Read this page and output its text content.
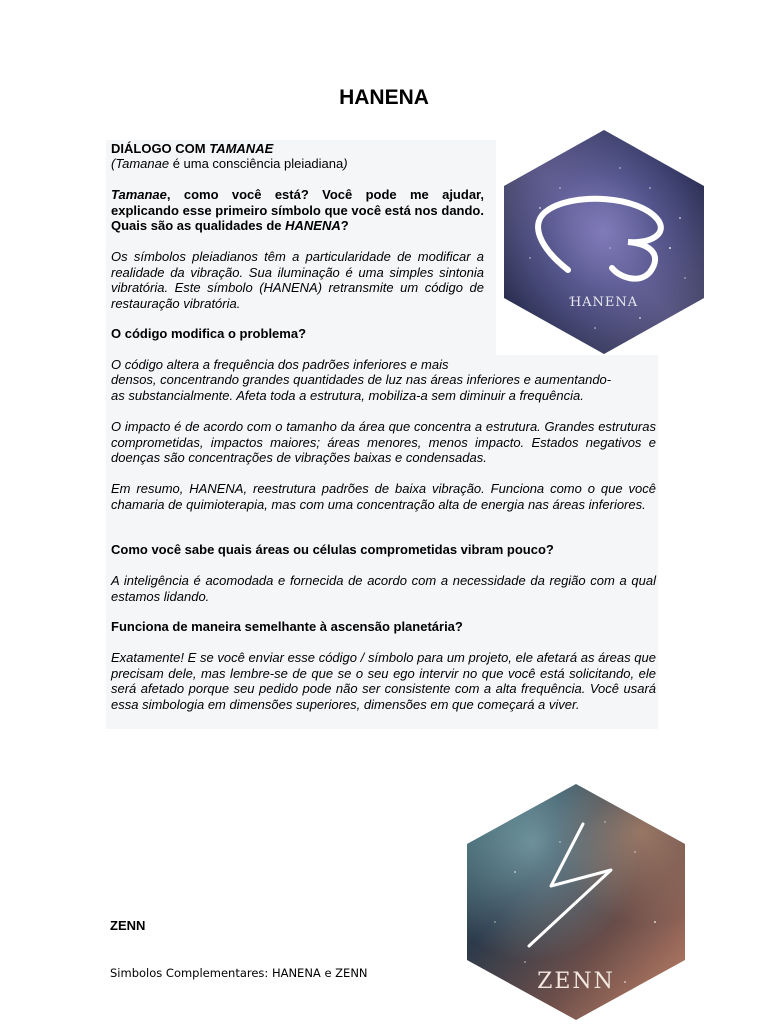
HANENA

DIÁLOGO COM TAMANAE

(Tamanae é uma consciência pleiadiana)

Tamanae, como você está? Você pode me ajudar, explicando esse primeiro símbolo que você está nos dando. Quais são as qualidades de HANENA?

Os símbolos pleiadianos têm a particularidade de modificar a realidade da vibração. Sua iluminação é uma simples sintonia vibratória. Este símbolo (HANENA) retransmite um código de restauração vibratória.

O código modifica o problema?

O código altera a frequência dos padrões inferiores e mais

densos, concentrando grandes quantidades de luz nas áreas inferiores e aumentando-

as substancialmente. Afeta toda a estrutura, mobiliza-a sem diminuir a frequência.

O impacto é de acordo com o tamanho da área que concentra a estrutura. Grandes estruturas comprometidas, impactos maiores; áreas menores, menos impacto. Estados negativos e doenças são concentrações de vibrações baixas e condensadas.

Em resumo, HANENA, reestrutura padrões de baixa vibração. Funciona como o que você chamaria de quimioterapia, mas com uma concentração alta de energia nas áreas inferiores.

Como você sabe quais áreas ou células comprometidas vibram pouco?

A inteligência é acomodada e fornecida de acordo com a necessidade da região com a qual estamos lidando.

Funciona de maneira semelhante à ascensão planetária?

Exatamente! E se você enviar esse código / símbolo para um projeto, ele afetará as áreas que precisam dele, mas lembre-se de que se o seu ego intervir no que você está solicitando, ele será afetado porque seu pedido pode não ser consistente com a alta frequência. Você usará essa simbologia em dimensões superiores, dimensões em que começará a viver.

ZENN
Simbolos Complementares: HANENA e ZENN
HANENA
ZENN
